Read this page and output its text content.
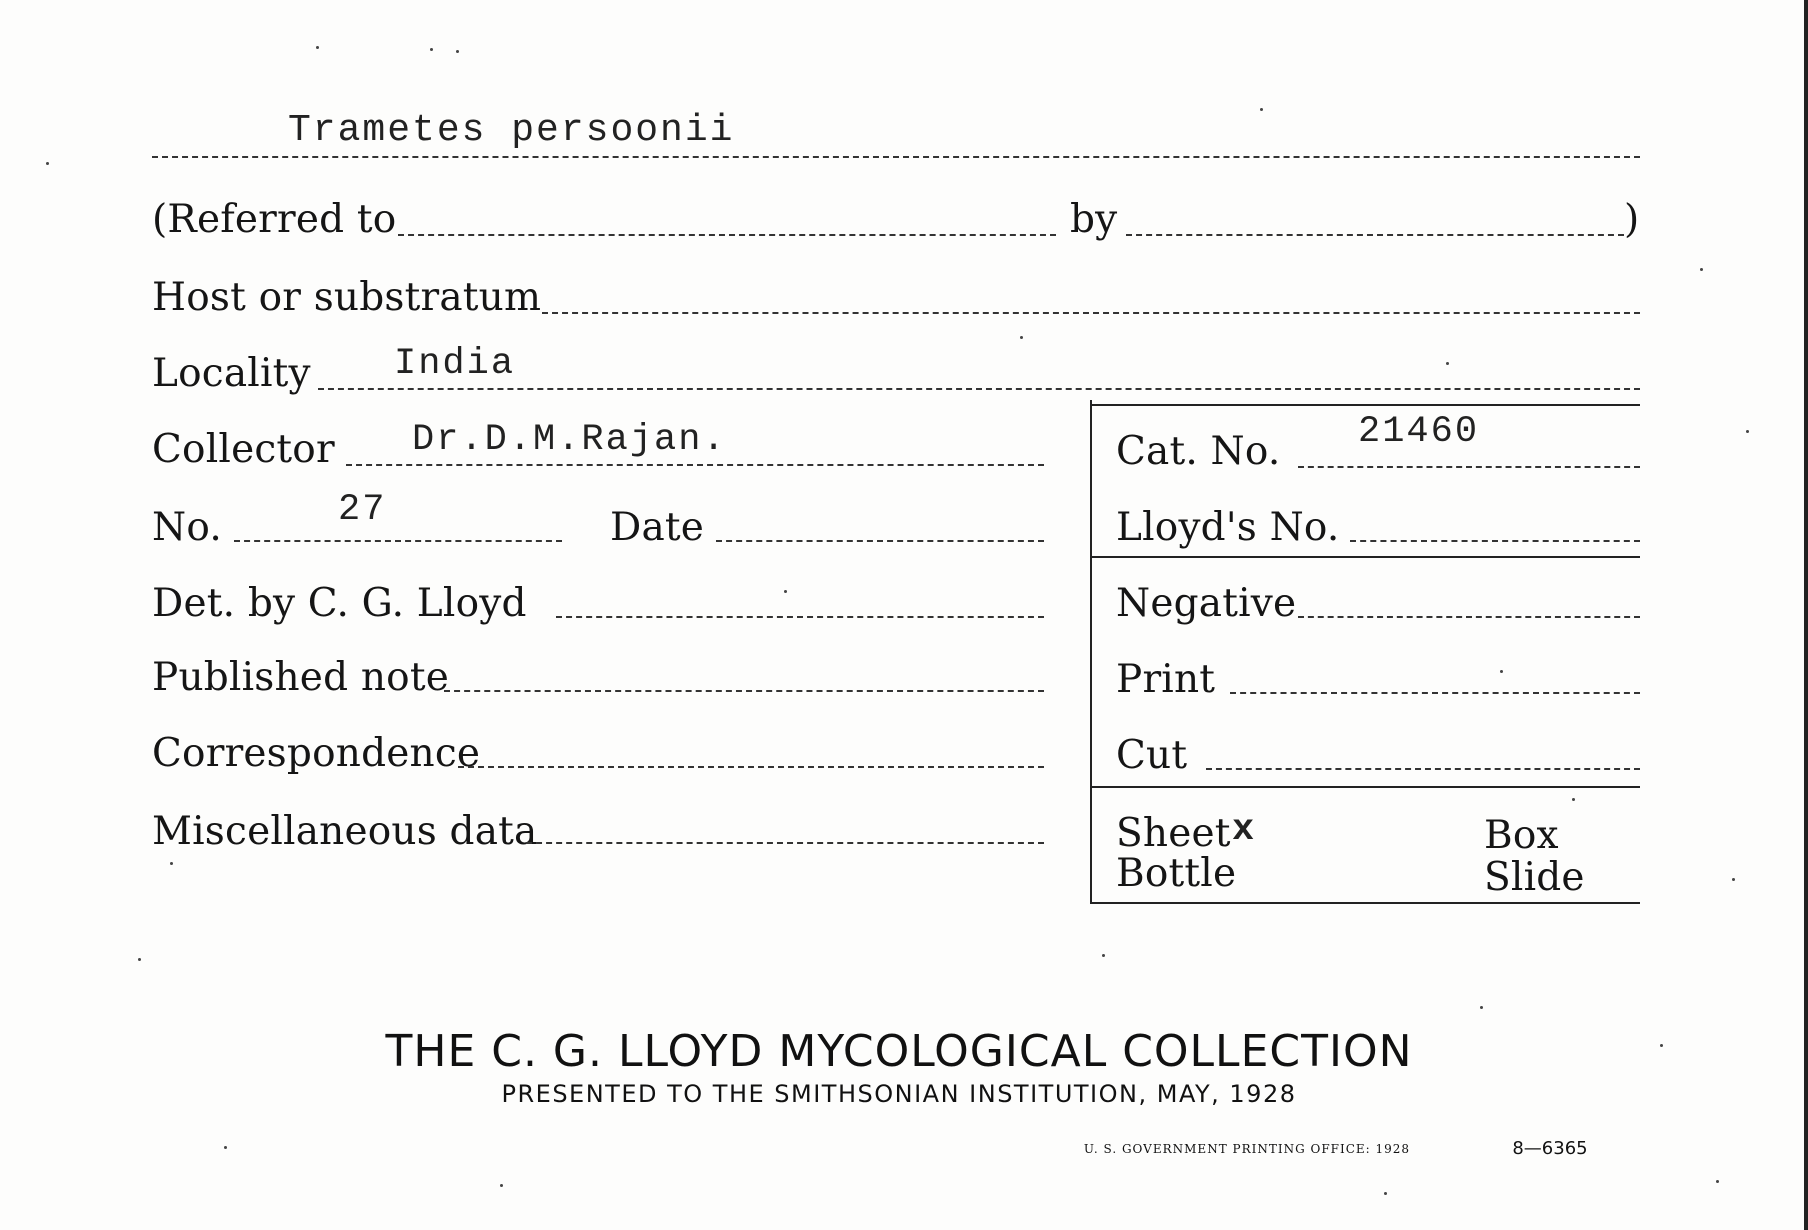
Trametes persoonii
(Referred to	by	)
Host or substratum
Locality India
Collector Dr.D.M.Rajan.	Cat. No. 21460
No.	27	Date	Lloyd's No.
Det. by C. G. Lloyd	Negative
Published note	Print
Correspondence	Cut
Miscellaneous data	Sheet x	Box
Bottle	Slide
THE C. G. LLOYD MYCOLOGICAL COLLECTION
PRESENTED TO THE SMITHSONIAN INSTITUTION, MAY, 1928
U. S. GOVERNMENT PRINTING OFFICE: 1928	8—6365
